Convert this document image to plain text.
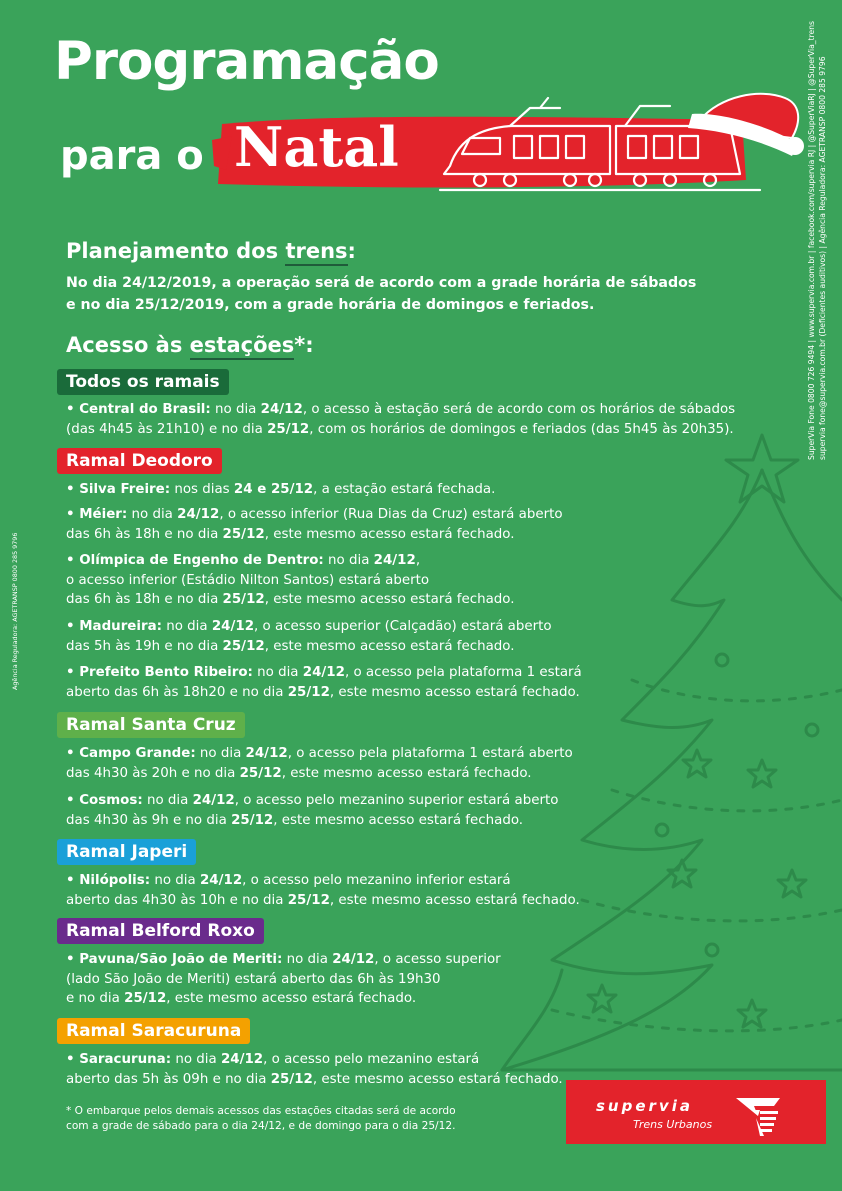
Programação
para o Natal	SuperVia Fone 0800 726 9494 | www.supervia.com.br | facebook.com/supervia RJ | @SuperViaRJ | @SuperVia_trens supervia fone@supervia.com.br (Deficientes auditivos) | Agência Reguladora: AGETRANSP 0800 285 9796
Agência Reguladora: AGETRANSP 0800 285 9796
Planejamento dos trens:
No dia 24/12/2019, a operação será de acordo com a grade horária de sábados
e no dia 25/12/2019, com a grade horária de domingos e feriados.
Acesso às estações*:
Todos os ramais
• Central do Brasil: no dia 24/12, o acesso à estação será de acordo com os horários de sábados
(das 4h45 às 21h10) e no dia 25/12, com os horários de domingos e feriados (das 5h45 às 20h35).
Ramal Deodoro
• Silva Freire: nos dias 24 e 25/12, a estação estará fechada.
• Méier: no dia 24/12, o acesso inferior (Rua Dias da Cruz) estará aberto
das 6h às 18h e no dia 25/12, este mesmo acesso estará fechado.
• Olímpica de Engenho de Dentro: no dia 24/12,
o acesso inferior (Estádio Nilton Santos) estará aberto
das 6h às 18h e no dia 25/12, este mesmo acesso estará fechado.
• Madureira: no dia 24/12, o acesso superior (Calçadão) estará aberto
das 5h às 19h e no dia 25/12, este mesmo acesso estará fechado.
• Prefeito Bento Ribeiro: no dia 24/12, o acesso pela plataforma 1 estará
aberto das 6h às 18h20 e no dia 25/12, este mesmo acesso estará fechado.
Ramal Santa Cruz
• Campo Grande: no dia 24/12, o acesso pela plataforma 1 estará aberto
das 4h30 às 20h e no dia 25/12, este mesmo acesso estará fechado.
• Cosmos: no dia 24/12, o acesso pelo mezanino superior estará aberto
das 4h30 às 9h e no dia 25/12, este mesmo acesso estará fechado.
Ramal Japeri
• Nilópolis: no dia 24/12, o acesso pelo mezanino inferior estará
aberto das 4h30 às 10h e no dia 25/12, este mesmo acesso estará fechado.
Ramal Belford Roxo
• Pavuna/São João de Meriti: no dia 24/12, o acesso superior
(lado São João de Meriti) estará aberto das 6h às 19h30
e no dia 25/12, este mesmo acesso estará fechado.
Ramal Saracuruna
• Saracuruna: no dia 24/12, o acesso pelo mezanino estará
aberto das 5h às 09h e no dia 25/12, este mesmo acesso estará fechado.
* O embarque pelos demais acessos das estações citadas será de acordo
com a grade de sábado para o dia 24/12, e de domingo para o dia 25/12.
supervia
Trens Urbanos
